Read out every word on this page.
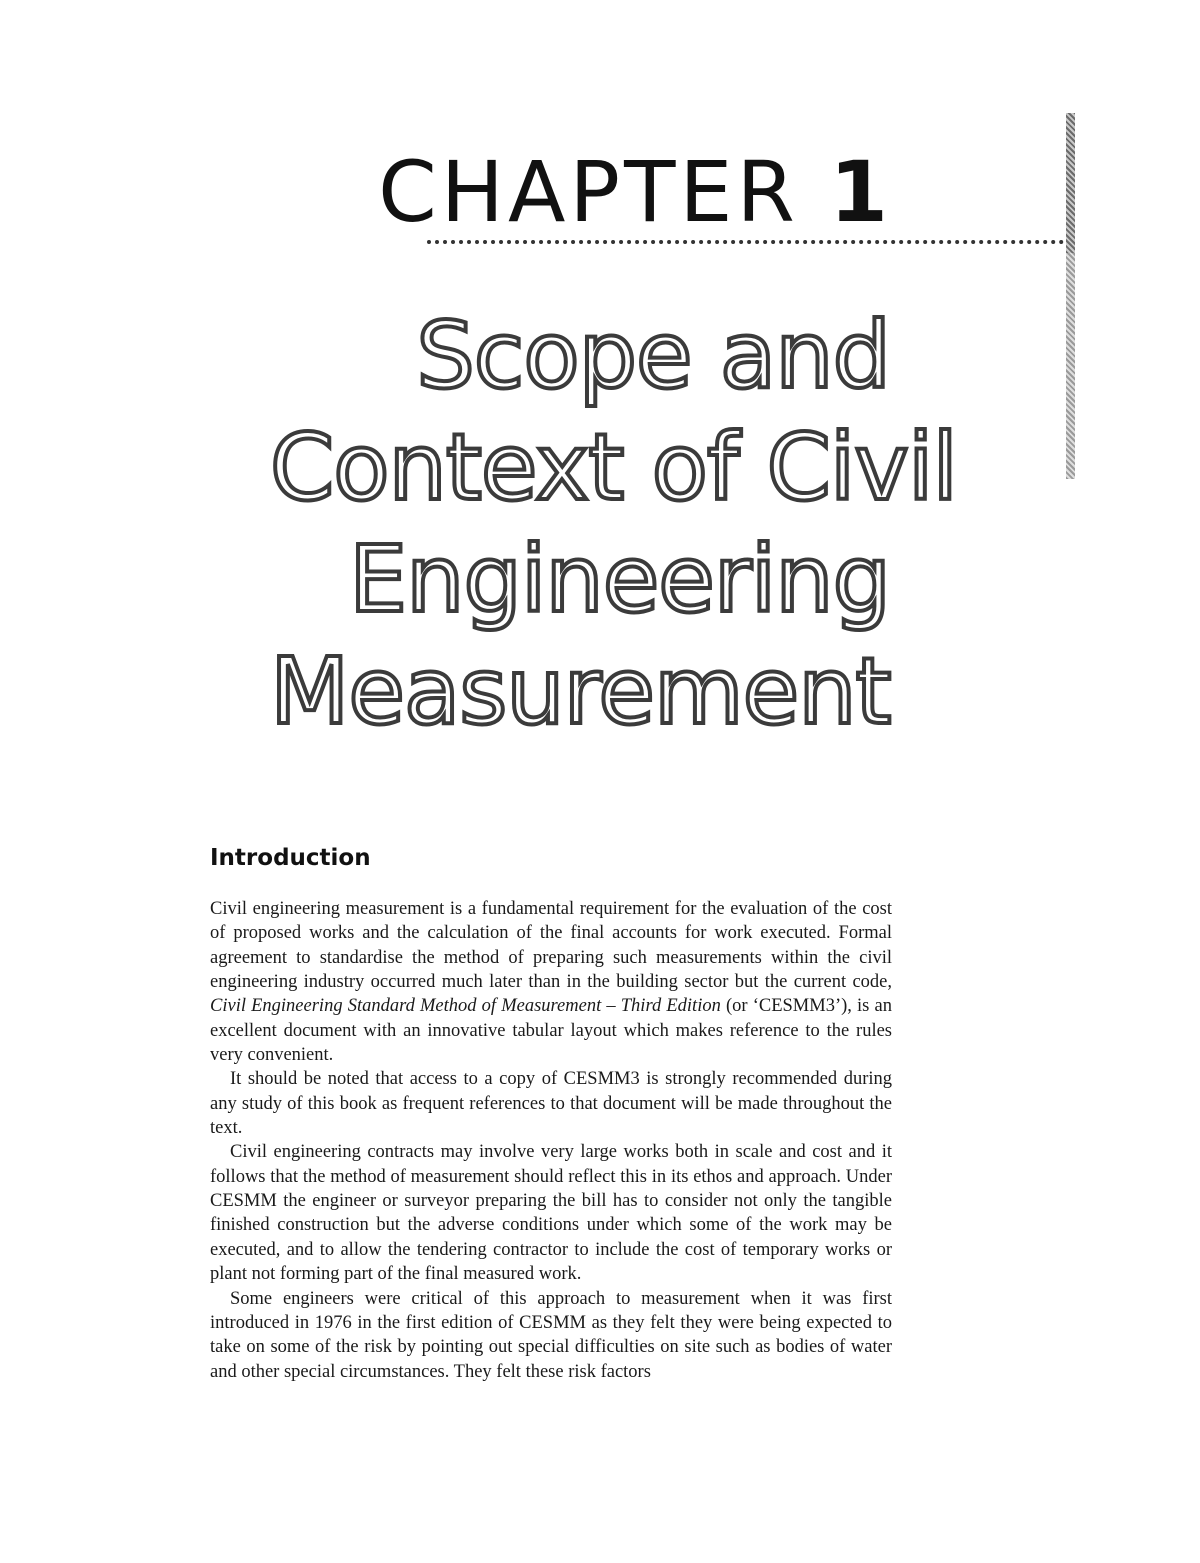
CHAPTER 1
Scope and
Context of Civil
Engineering
Measurement
Introduction

Civil engineering measurement is a fundamental requirement for the evaluation of the cost of proposed works and the calculation of the final accounts for work executed. Formal agreement to standardise the method of preparing such measurements within the civil engineering industry occurred much later than in the building sector but the current code, Civil Engineering Standard Method of Measurement – Third Edition (or ‘CESMM3’), is an excellent document with an innovative tabular layout which makes reference to the rules very convenient.

It should be noted that access to a copy of CESMM3 is strongly recommended during any study of this book as frequent references to that document will be made throughout the text.

Civil engineering contracts may involve very large works both in scale and cost and it follows that the method of measurement should reflect this in its ethos and approach. Under CESMM the engineer or surveyor preparing the bill has to consider not only the tangible finished construction but the adverse conditions under which some of the work may be executed, and to allow the tendering contractor to include the cost of temporary works or plant not forming part of the final measured work.

Some engineers were critical of this approach to measurement when it was first introduced in 1976 in the first edition of CESMM as they felt they were being expected to take on some of the risk by pointing out special difficulties on site such as bodies of water and other special circumstances. They felt these risk factors
